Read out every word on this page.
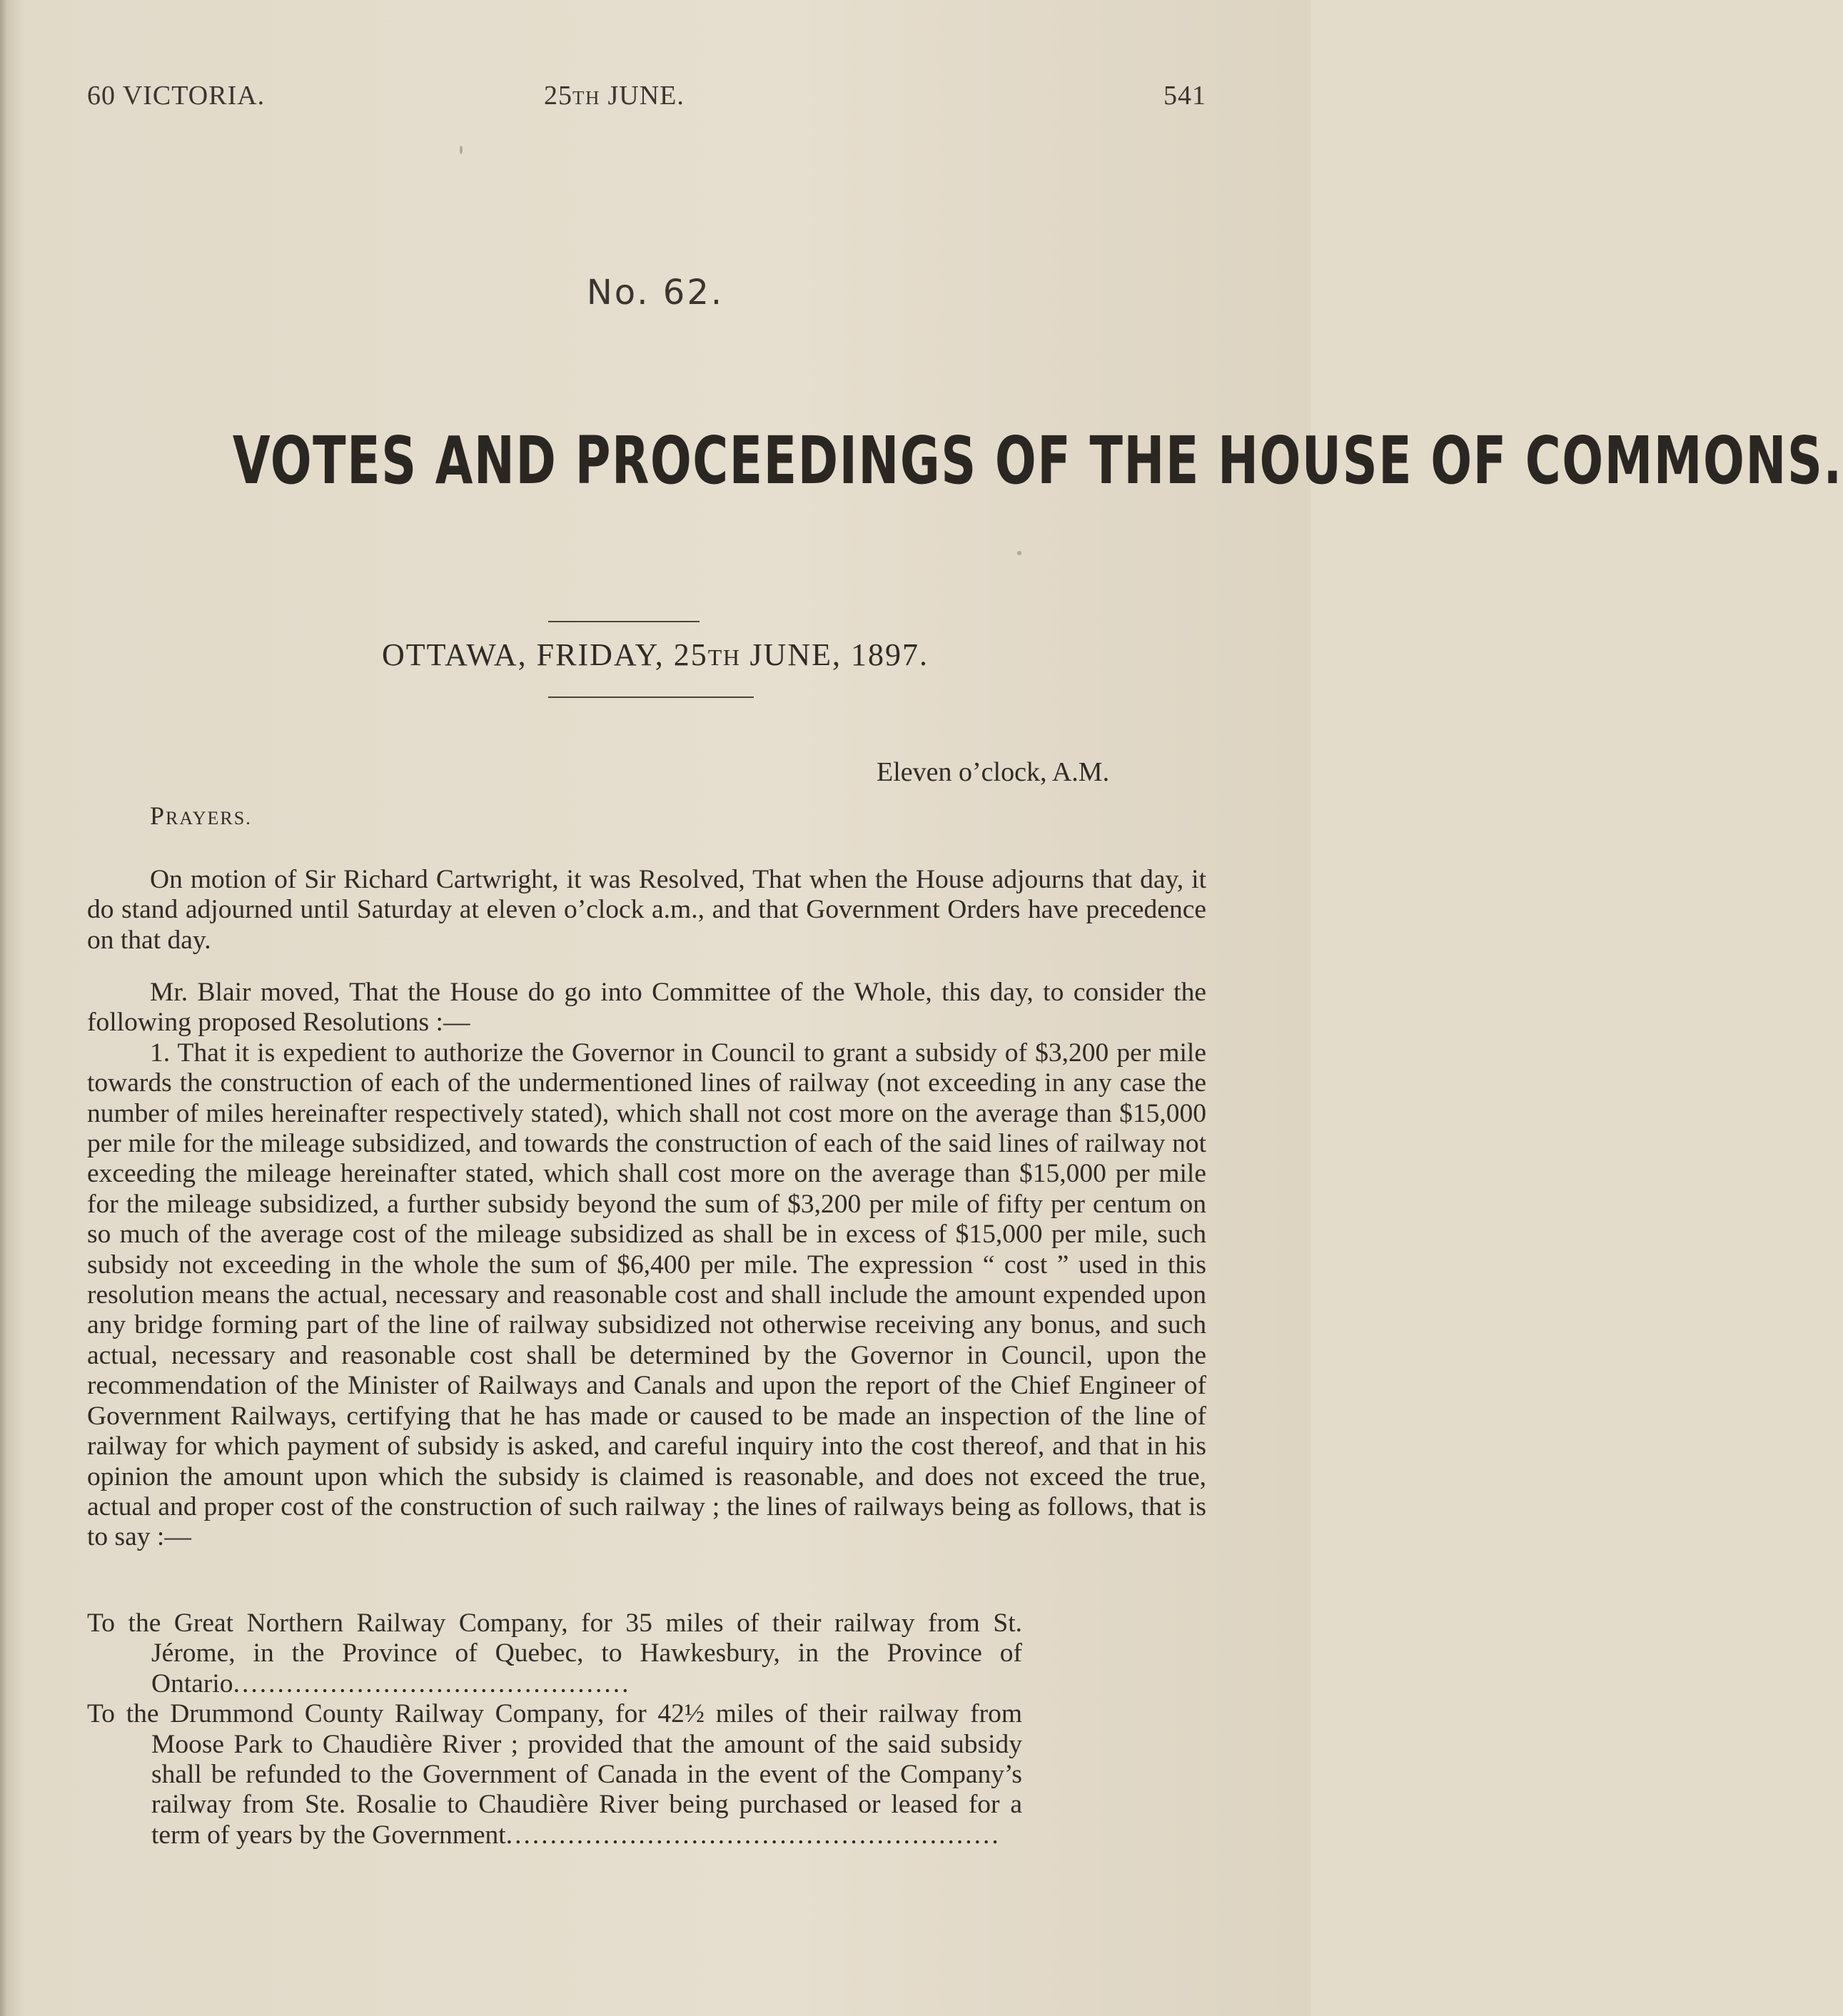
60 VICTORIA.	25TH JUNE.	541
No. 62.
VOTES AND PROCEEDINGS OF THE HOUSE OF COMMONS.
OTTAWA, FRIDAY, 25TH JUNE, 1897.
Eleven o’clock, A.M.
PRAYERS.

On motion of Sir Richard Cartwright, it was Resolved, That when the House adjourns that day, it do stand adjourned until Saturday at eleven o’clock a.m., and that Government Orders have precedence on that day.

Mr. Blair moved, That the House do go into Committee of the Whole, this day, to consider the following proposed Resolutions :—

1. That it is expedient to authorize the Governor in Council to grant a subsidy of $3,200 per mile towards the construction of each of the undermentioned lines of railway (not exceeding in any case the number of miles hereinafter respectively stated), which shall not cost more on the average than $15,000 per mile for the mileage subsidized, and towards the construction of each of the said lines of railway not exceeding the mileage hereinafter stated, which shall cost more on the average than $15,000 per mile for the mileage subsidized, a further subsidy beyond the sum of $3,200 per mile of fifty per centum on so much of the average cost of the mileage subsidized as shall be in excess of $15,000 per mile, such subsidy not exceeding in the whole the sum of $6,400 per mile. The expression “ cost ” used in this resolution means the actual, necessary and reasonable cost and shall include the amount expended upon any bridge forming part of the line of railway subsidized not otherwise receiving any bonus, and such actual, necessary and reasonable cost shall be determined by the Governor in Council, upon the recommendation of the Minister of Railways and Canals and upon the report of the Chief Engineer of Government Railways, certifying that he has made or caused to be made an inspection of the line of railway for which payment of subsidy is asked, and careful inquiry into the cost thereof, and that in his opinion the amount upon which the subsidy is claimed is reasonable, and does not exceed the true, actual and proper cost of the construction of such railway ; the lines of railways being as follows, that is to say :—

To the Great Northern Railway Company, for 35 miles of their railway from St. Jérome, in the Province of Quebec, to Hawkesbury, in the Province of Ontario.............................................
To the Drummond County Railway Company, for 42½ miles of their railway from Moose Park to Chaudière River ; provided that the amount of the said subsidy shall be refunded to the Government of Canada in the event of the Company’s railway from Ste. Rosalie to Chaudière River being purchased or leased for a term of years by the Government........................................................
